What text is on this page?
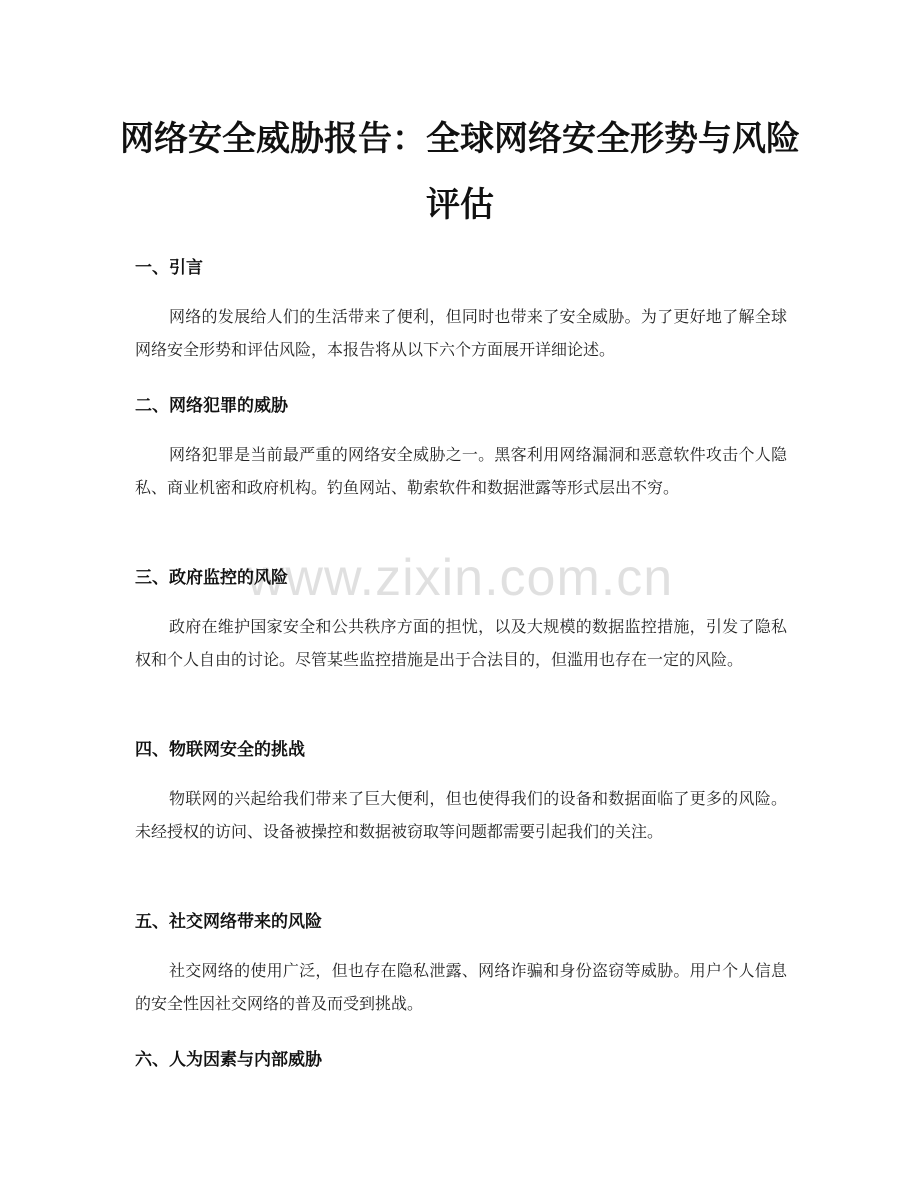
网络安全威胁报告：全球网络安全形势与风险评估
一、引言

网络的发展给人们的生活带来了便利，但同时也带来了安全威胁。为了更好地了解全球网络安全形势和评估风险，本报告将从以下六个方面展开详细论述。

二、网络犯罪的威胁

网络犯罪是当前最严重的网络安全威胁之一。黑客利用网络漏洞和恶意软件攻击个人隐私、商业机密和政府机构。钓鱼网站、勒索软件和数据泄露等形式层出不穷。

三、政府监控的风险

政府在维护国家安全和公共秩序方面的担忧，以及大规模的数据监控措施，引发了隐私权和个人自由的讨论。尽管某些监控措施是出于合法目的，但滥用也存在一定的风险。

四、物联网安全的挑战

物联网的兴起给我们带来了巨大便利，但也使得我们的设备和数据面临了更多的风险。未经授权的访问、设备被操控和数据被窃取等问题都需要引起我们的关注。

五、社交网络带来的风险

社交网络的使用广泛，但也存在隐私泄露、网络诈骗和身份盗窃等威胁。用户个人信息的安全性因社交网络的普及而受到挑战。

六、人为因素与内部威胁
www.zixin.com.cn
